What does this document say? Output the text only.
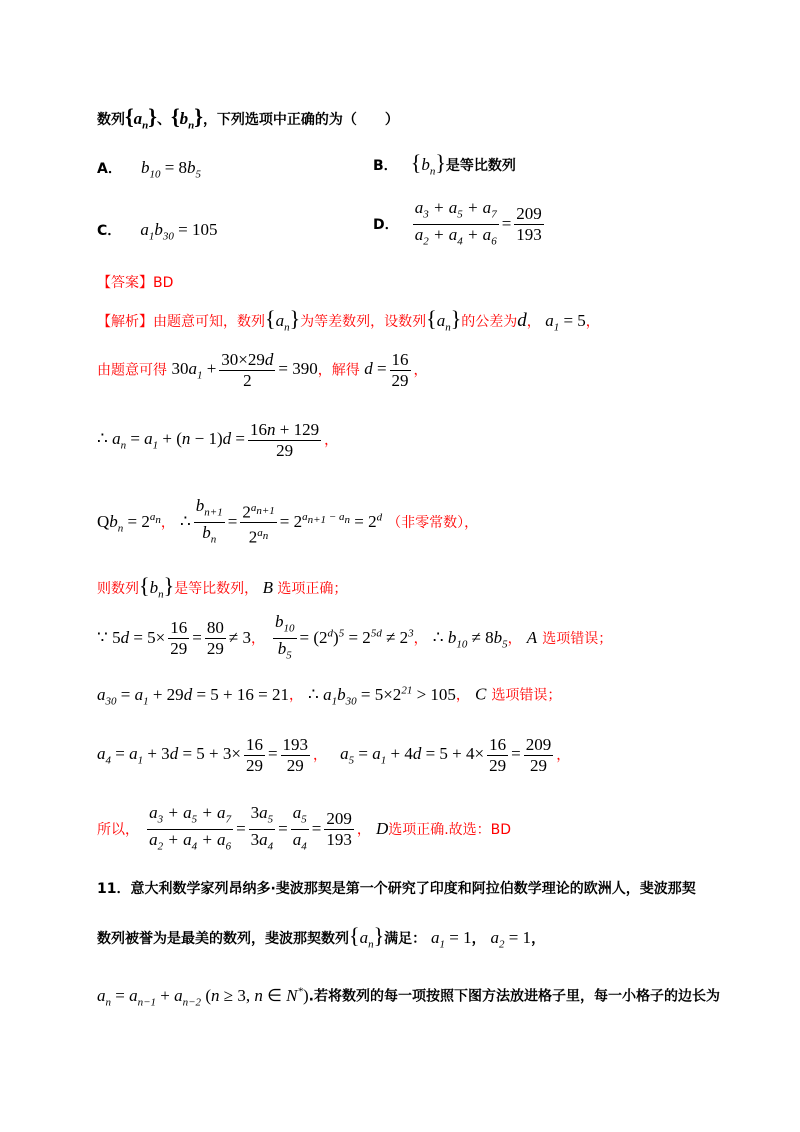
数列$\{a_n\}$、$\{b_n\}$，下列选项中正确的为（　　）
A． $b_{10} = 8b_5$
B． $\{b_n\}$是等比数列
C． $a_1b_{30} = 105$	D． $\frac{a_3 + a_5 + a_7}{a_2 + a_4 + a_6} = \frac{209}{193}$
【答案】BD
【解析】由题意可知，数列$\{a_n\}$为等差数列，设数列$\{a_n\}$的公差为d， $a_1 = 5$，
由题意可得 $30a_1 + \frac{30\times 29d}{2} = 390$，解得 $d = \frac{16}{29}$ ，
∴ $a_n = a_1 + (n - 1)d = \frac{16n + 129}{29}$ ，
$Qb_n = 2^{a_n}$， ∴ $\frac{b_{n+1}}{b_n} = \frac{2^{a_{n+1}}}{2^{a_n}} = 2^{a_{n+1} - a_n} = 2^d$ （非零常数），
则数列$\{b_n\}$是等比数列， B 选项正确；
∵ $5d = 5\times \frac{16}{29} = \frac{80}{29} \ne 3$， $\frac{b_{10}}{b_5} = (2^d)^5 = 2^{5d} \ne 2^3$， ∴ $b_{10} \ne 8b_5$， A 选项错误；
$a_{30} = a_1 + 29d = 5 + 16 = 21$， ∴ $a_1b_{30} = 5\times 2^{21} > 105$， C 选项错误；
$a_4 = a_1 + 3d = 5 + 3\times \frac{16}{29} = \frac{193}{29}$ ， $a_5 = a_1 + 4d = 5 + 4\times \frac{16}{29} = \frac{209}{29}$ ，
所以， $\frac{a_3 + a_5 + a_7}{a_2 + a_4 + a_6} = \frac{3a_5}{3a_4} = \frac{a_5}{a_4} = \frac{209}{193}$ ， D选项正确.故选：BD
11．意大利数学家列昂纳多·斐波那契是第一个研究了印度和阿拉伯数学理论的欧洲人，斐波那契
数列被誉为是最美的数列，斐波那契数列$\{a_n\}$满足： $a_1 = 1$， $a_2 = 1$，
$a_n = a_{n-1} + a_{n-2}$ (n ≥ 3, n ∈ N*).若将数列的每一项按照下图方法放进格子里，每一小格子的边长为
